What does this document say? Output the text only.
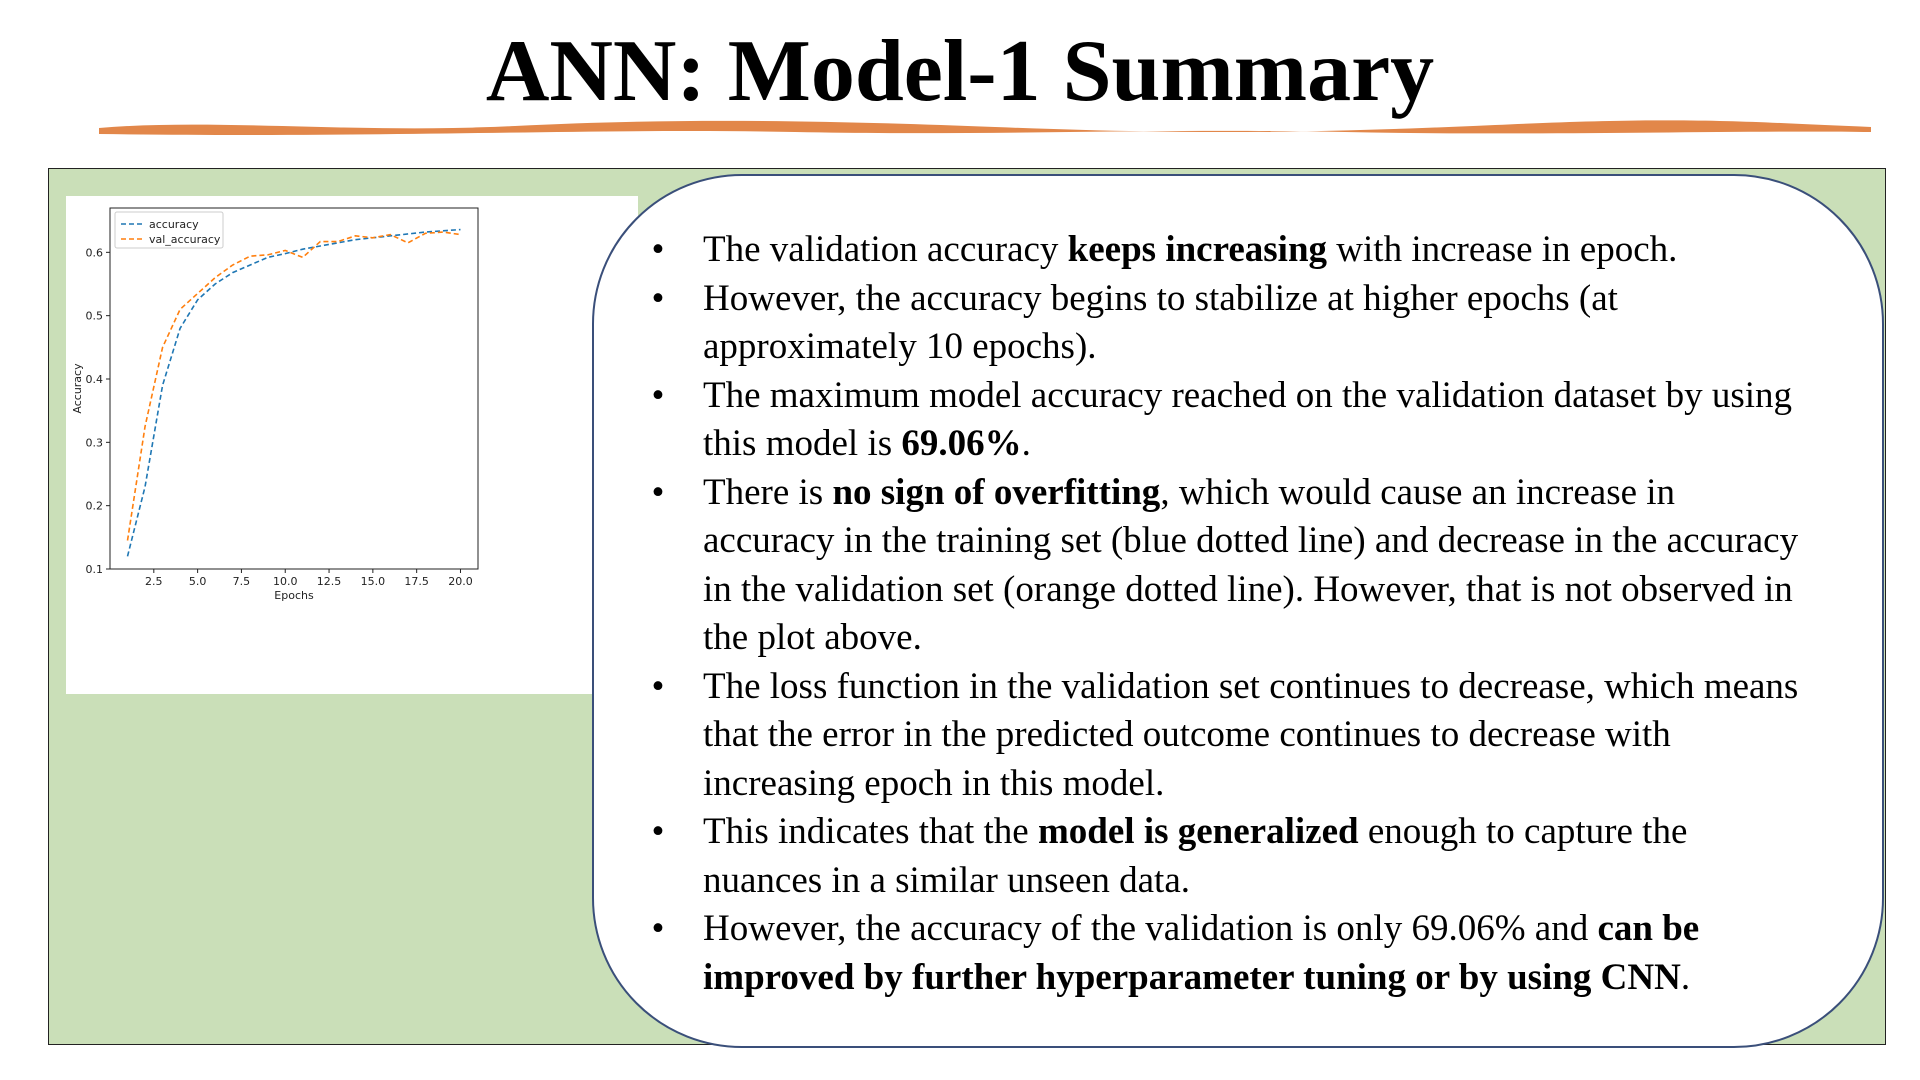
ANN: Model-1 Summary
2.5 5.0 7.5 10.0 12.5 15.0 17.5 20.0
0.1
0.2
0.3
0.4
0.5
0.6
accuracy
val_accuracy
Epochs
Accuracy
• The validation accuracy keeps increasing with increase in epoch.
• However, the accuracy begins to stabilize at higher epochs (at approximately 10 epochs).
• The maximum model accuracy reached on the validation dataset by using this model is 69.06%.
• There is no sign of overfitting, which would cause an increase in accuracy in the training set (blue dotted line) and decrease in the accuracy in the validation set (orange dotted line). However, that is not observed in the plot above.
• The loss function in the validation set continues to decrease, which means that the error in the predicted outcome continues to decrease with increasing epoch in this model.
• This indicates that the model is generalized enough to capture the nuances in a similar unseen data.
• However, the accuracy of the validation is only 69.06% and can be improved by further hyperparameter tuning or by using CNN.
